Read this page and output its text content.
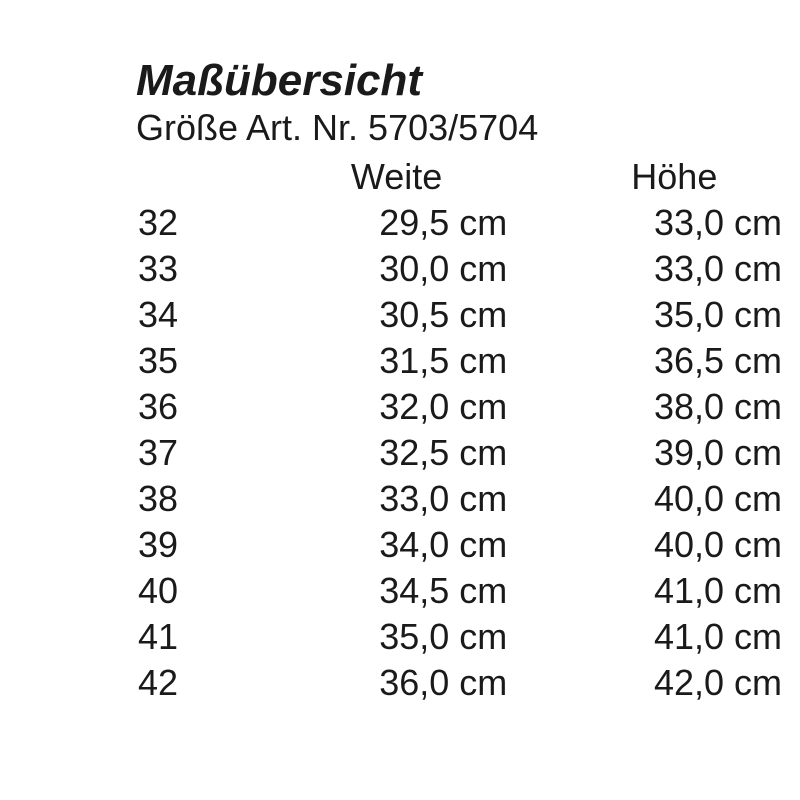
Maßübersicht
Größe Art. Nr. 5703/5704
	Weite	Höhe
32	29,5 cm	33,0 cm
33	30,0 cm	33,0 cm
34	30,5 cm	35,0 cm
35	31,5 cm	36,5 cm
36	32,0 cm	38,0 cm
37	32,5 cm	39,0 cm
38	33,0 cm	40,0 cm
39	34,0 cm	40,0 cm
40	34,5 cm	41,0 cm
41	35,0 cm	41,0 cm
42	36,0 cm	42,0 cm
